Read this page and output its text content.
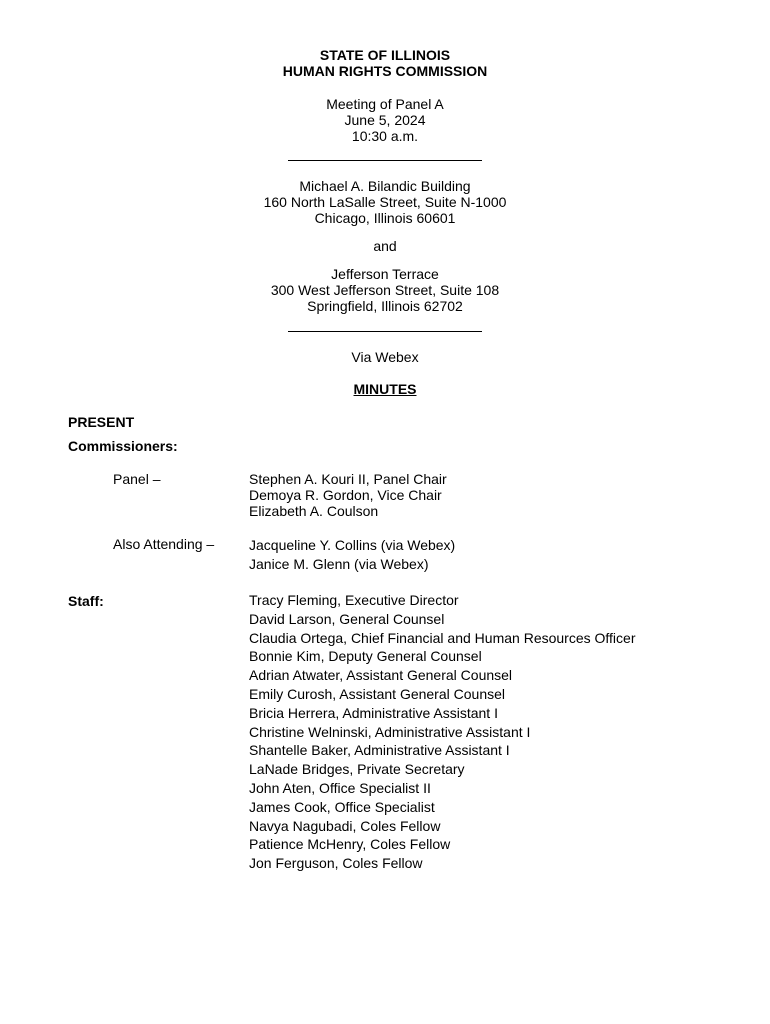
STATE OF ILLINOIS
HUMAN RIGHTS COMMISSION
Meeting of Panel A
June 5, 2024
10:30 a.m.
Michael A. Bilandic Building
160 North LaSalle Street, Suite N-1000
Chicago, Illinois 60601
and
Jefferson Terrace
300 West Jefferson Street, Suite 108
Springfield, Illinois 62702
Via Webex
MINUTES
PRESENT
Commissioners:
Panel –	Stephen A. Kouri II, Panel Chair
Demoya R. Gordon, Vice Chair
Elizabeth A. Coulson
Also Attending – Jacqueline Y. Collins (via Webex)
Janice M. Glenn (via Webex)
Staff:	Tracy Fleming, Executive Director
David Larson, General Counsel
Claudia Ortega, Chief Financial and Human Resources Officer
Bonnie Kim, Deputy General Counsel
Adrian Atwater, Assistant General Counsel
Emily Curosh, Assistant General Counsel
Bricia Herrera, Administrative Assistant I
Christine Welninski, Administrative Assistant I
Shantelle Baker, Administrative Assistant I
LaNade Bridges, Private Secretary
John Aten, Office Specialist II
James Cook, Office Specialist
Navya Nagubadi, Coles Fellow
Patience McHenry, Coles Fellow
Jon Ferguson, Coles Fellow
